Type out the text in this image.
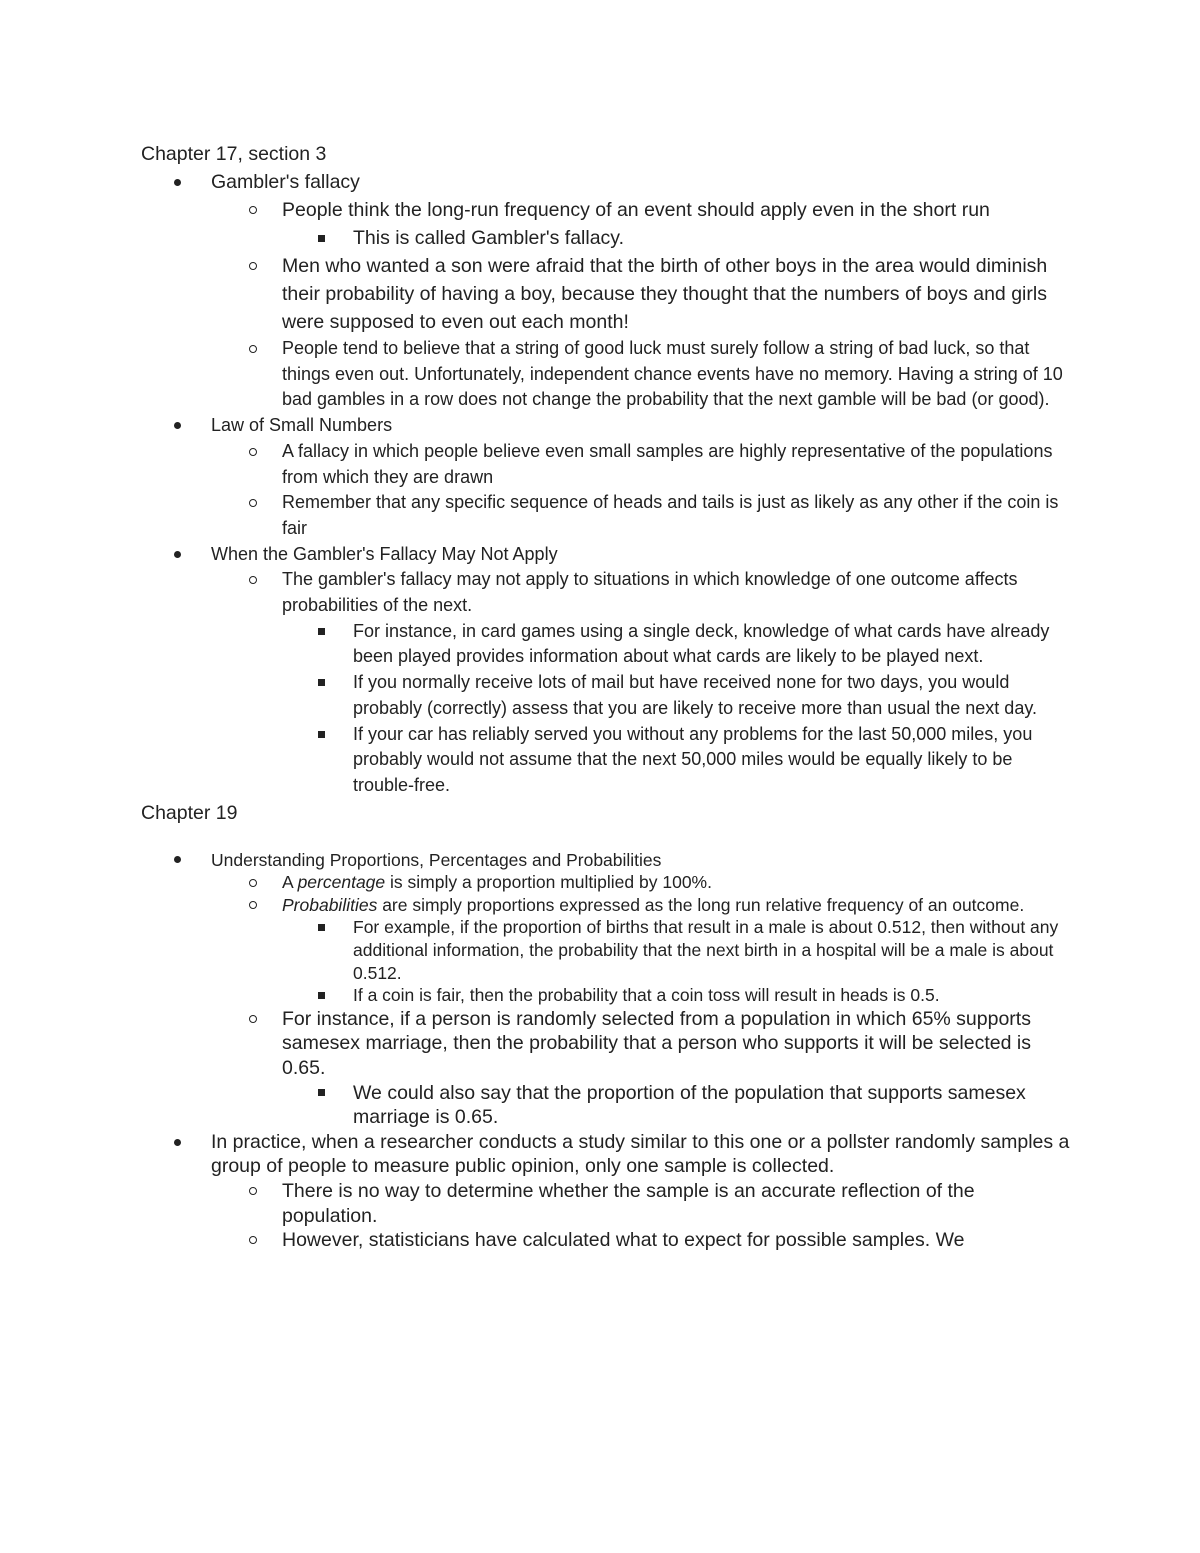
Chapter 17, section 3

Gambler's fallacy
People think the long-run frequency of an event should apply even in the short run
This is called Gambler's fallacy.
Men who wanted a son were afraid that the birth of other boys in the area would diminish their probability of having a boy, because they thought that the numbers of boys and girls were supposed to even out each month!
People tend to believe that a string of good luck must surely follow a string of bad luck, so that things even out. Unfortunately, independent chance events have no memory. Having a string of 10 bad gambles in a row does not change the probability that the next gamble will be bad (or good).
Law of Small Numbers
A fallacy in which people believe even small samples are highly representative of the populations from which they are drawn
Remember that any specific sequence of heads and tails is just as likely as any other if the coin is fair
When the Gambler's Fallacy May Not Apply
The gambler's fallacy may not apply to situations in which knowledge of one outcome affects probabilities of the next.
For instance, in card games using a single deck, knowledge of what cards have already been played provides information about what cards are likely to be played next.
If you normally receive lots of mail but have received none for two days, you would probably (correctly) assess that you are likely to receive more than usual the next day.
If your car has reliably served you without any problems for the last 50,000 miles, you probably would not assume that the next 50,000 miles would be equally likely to be trouble-free.

Chapter 19

Understanding Proportions, Percentages and Probabilities
A percentage is simply a proportion multiplied by 100%.
Probabilities are simply proportions expressed as the long run relative frequency of an outcome.
For example, if the proportion of births that result in a male is about 0.512, then without any additional information, the probability that the next birth in a hospital will be a male is about 0.512.
If a coin is fair, then the probability that a coin toss will result in heads is 0.5.
For instance, if a person is randomly selected from a population in which 65% supports samesex marriage, then the probability that a person who supports it will be selected is 0.65.
We could also say that the proportion of the population that supports samesex marriage is 0.65.
In practice, when a researcher conducts a study similar to this one or a pollster randomly samples a group of people to measure public opinion, only one sample is collected.
There is no way to determine whether the sample is an accurate reflection of the population.
However, statisticians have calculated what to expect for possible samples. We
